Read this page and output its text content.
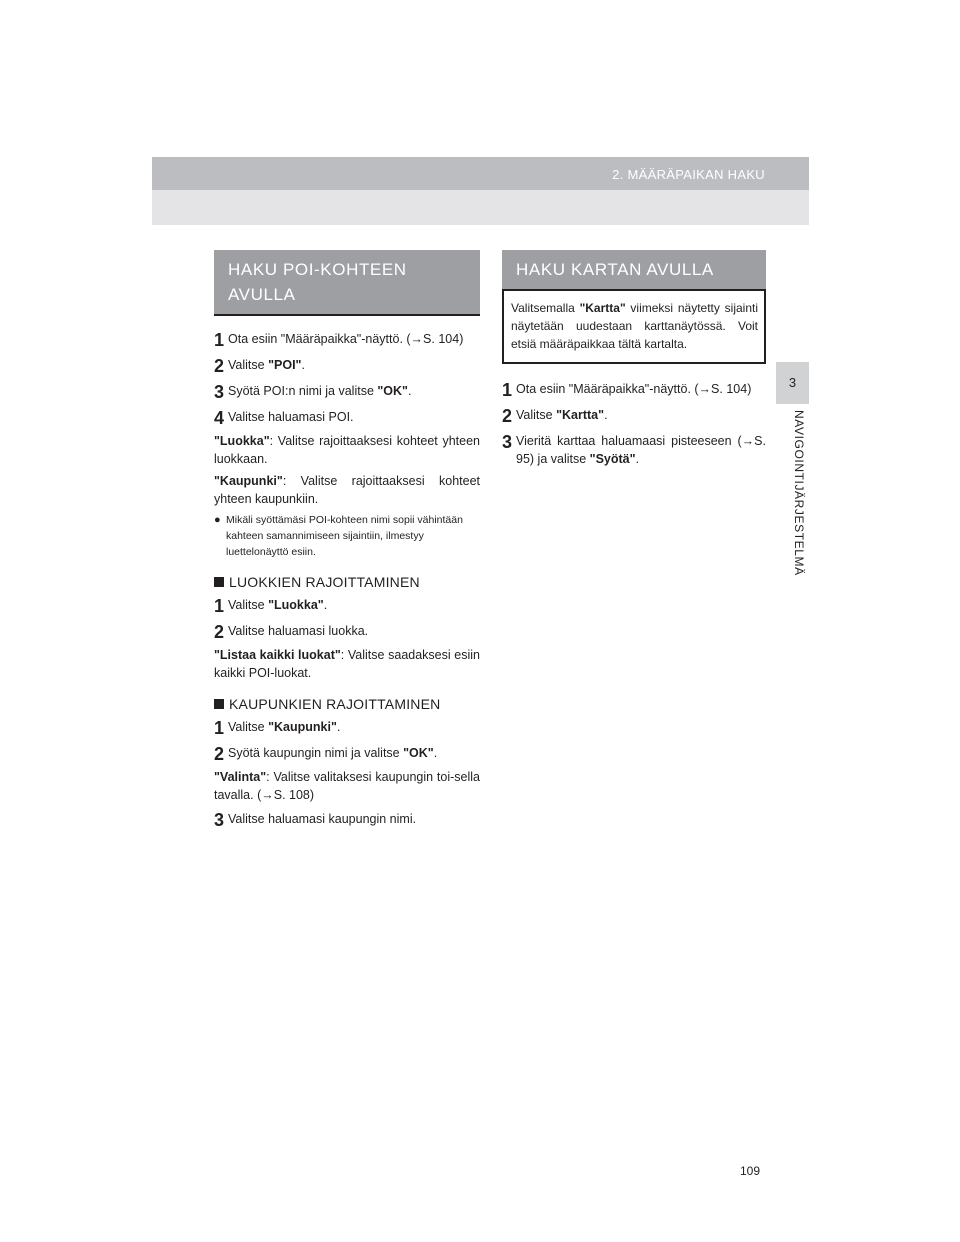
2. MÄÄRÄPAIKAN HAKU
3
NAVIGOINTIJÄRJESTELMÄ
HAKU POI-KOHTEEN
AVULLA
1 Ota esiin "Määräpaikka"-näyttö. (→S. 104)
2 Valitse "POI".
3 Syötä POI:n nimi ja valitse "OK".
4 Valitse haluamasi POI.
"Luokka": Valitse rajoittaaksesi kohteet yhteen luokkaan.
"Kaupunki": Valitse rajoittaaksesi kohteet yhteen kaupunkiin.
● Mikäli syöttämäsi POI-kohteen nimi sopii vähintään kahteen samannimiseen sijaintiin, ilmestyy luettelonäyttö esiin.
LUOKKIEN RAJOITTAMINEN
1 Valitse "Luokka".
2 Valitse haluamasi luokka.
"Listaa kaikki luokat": Valitse saadaksesi esiin kaikki POI-luokat.
KAUPUNKIEN RAJOITTAMINEN
1 Valitse "Kaupunki".
2 Syötä kaupungin nimi ja valitse "OK".
"Valinta": Valitse valitaksesi kaupungin toi-sella tavalla. (→S. 108)
3 Valitse haluamasi kaupungin nimi.
HAKU KARTAN AVULLA
Valitsemalla "Kartta" viimeksi näytetty sijainti näytetään uudestaan karttanäytössä. Voit etsiä määräpaikkaa tältä kartalta.
1 Ota esiin "Määräpaikka"-näyttö. (→S. 104)
2 Valitse "Kartta".
3 Vieritä karttaa haluamaasi pisteeseen (→S. 95) ja valitse "Syötä".
109
